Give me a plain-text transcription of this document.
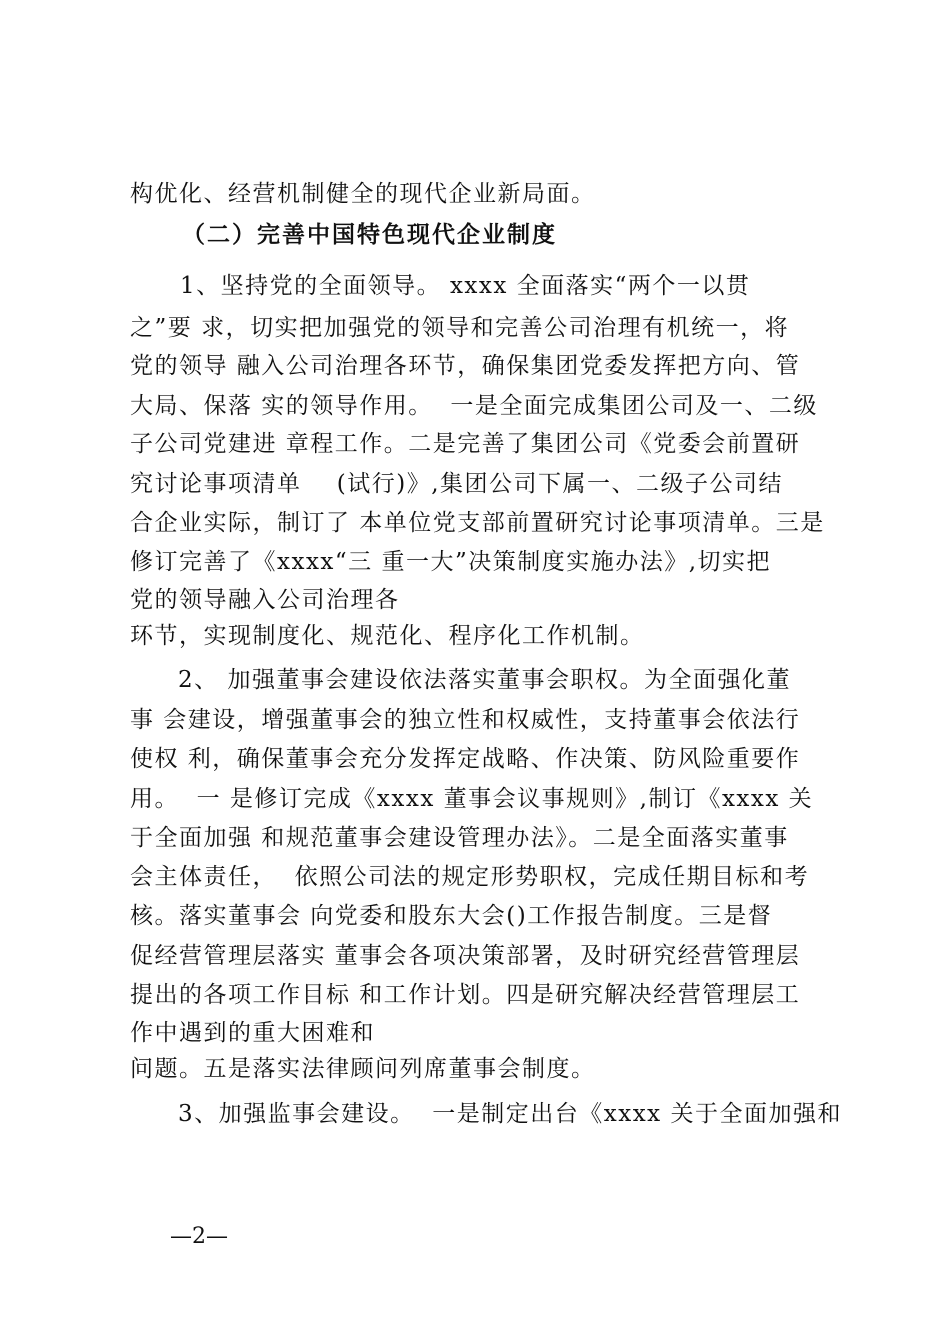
构优化、经营机制健全的现代企业新局面。
（二）完善中国特色现代企业制度
1、坚持党的全面领导。 xxxx 全面落实“两个一以贯
之”要 求，切实把加强党的领导和完善公司治理有机统一，将
党的领导 融入公司治理各环节，确保集团党委发挥把方向、管
大局、保落 实的领导作用。  一是全面完成集团公司及一、二级
子公司党建进 章程工作。二是完善了集团公司《党委会前置研
究讨论事项清单    (试行)》,集团公司下属一、二级子公司结
合企业实际，制订了 本单位党支部前置研究讨论事项清单。三是
修订完善了《xxxx“三 重一大”决策制度实施办法》,切实把
党的领导融入公司治理各
环节，实现制度化、规范化、程序化工作机制。
2、 加强董事会建设依法落实董事会职权。为全面强化董
事 会建设，增强董事会的独立性和权威性，支持董事会依法行
使权 利，确保董事会充分发挥定战略、作决策、防风险重要作
用。  一 是修订完成《xxxx 董事会议事规则》,制订《xxxx 关
于全面加强 和规范董事会建设管理办法》。二是全面落实董事
会主体责任，  依照公司法的规定形势职权，完成任期目标和考
核。落实董事会 向党委和股东大会()工作报告制度。三是督
促经营管理层落实 董事会各项决策部署，及时研究经营管理层
提出的各项工作目标 和工作计划。四是研究解决经营管理层工
作中遇到的重大困难和
问题。五是落实法律顾问列席董事会制度。
3、加强监事会建设。  一是制定出台《xxxx 关于全面加强和
—2—
